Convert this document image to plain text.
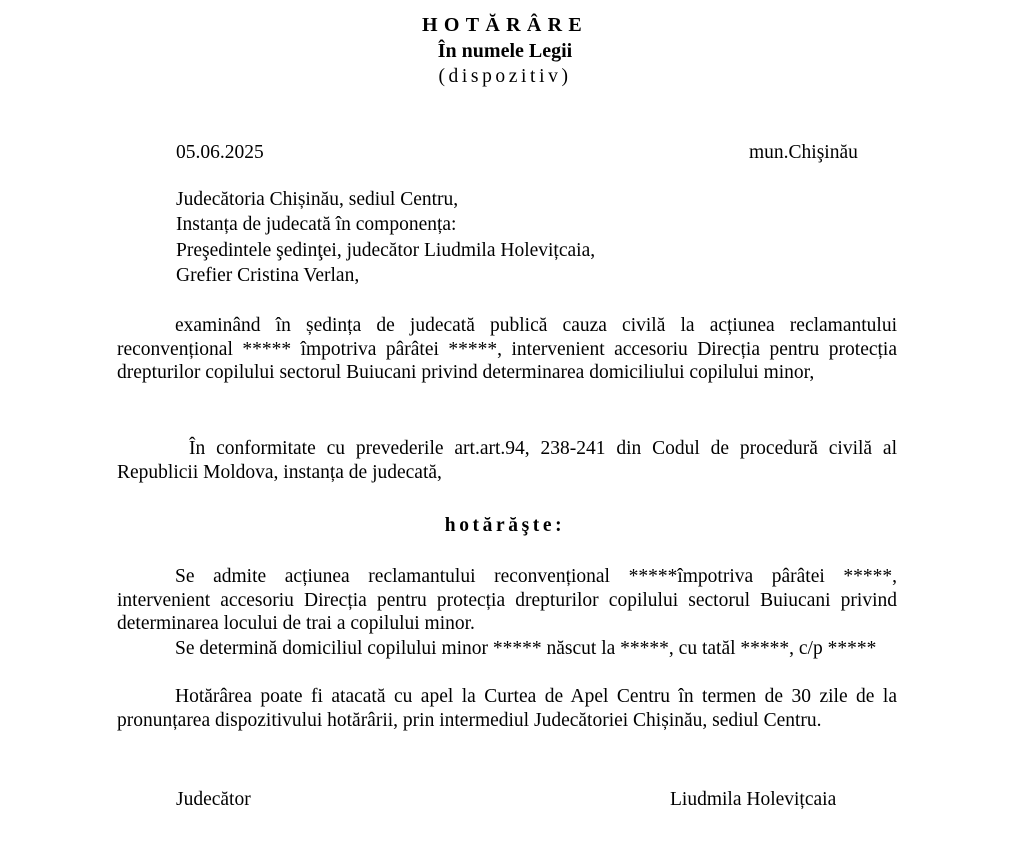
HOTĂRÂRE
În numele Legii
(dispozitiv)
05.06.2025	mun.Chişinău
Judecătoria Chișinău, sediul Centru,
Instanța de judecată în componența:
Preşedintele şedinţei, judecător Liudmila Holevițcaia,
Grefier Cristina Verlan,
examinând în ședința de judecată publică cauza civilă la acțiunea reclamantului reconvențional ***** împotriva pârâtei *****, intervenient accesoriu Direcția pentru protecția drepturilor copilului sectorul Buiucani privind determinarea domiciliului copilului minor,
În conformitate cu prevederile art.art.94, 238-241 din Codul de procedură civilă al Republicii Moldova, instanța de judecată,
hotărăşte:
Se admite acțiunea reclamantului reconvențional *****împotriva pârâtei *****, intervenient accesoriu Direcția pentru protecția drepturilor copilului sectorul Buiucani privind determinarea locului de trai a copilului minor.
Se determină domiciliul copilului minor ***** născut la *****, cu tatăl *****, c/p *****
Hotărârea poate fi atacată cu apel la Curtea de Apel Centru în termen de 30 zile de la pronunțarea dispozitivului hotărârii, prin intermediul Judecătoriei Chișinău, sediul Centru.
Judecător	Liudmila Holevițcaia
